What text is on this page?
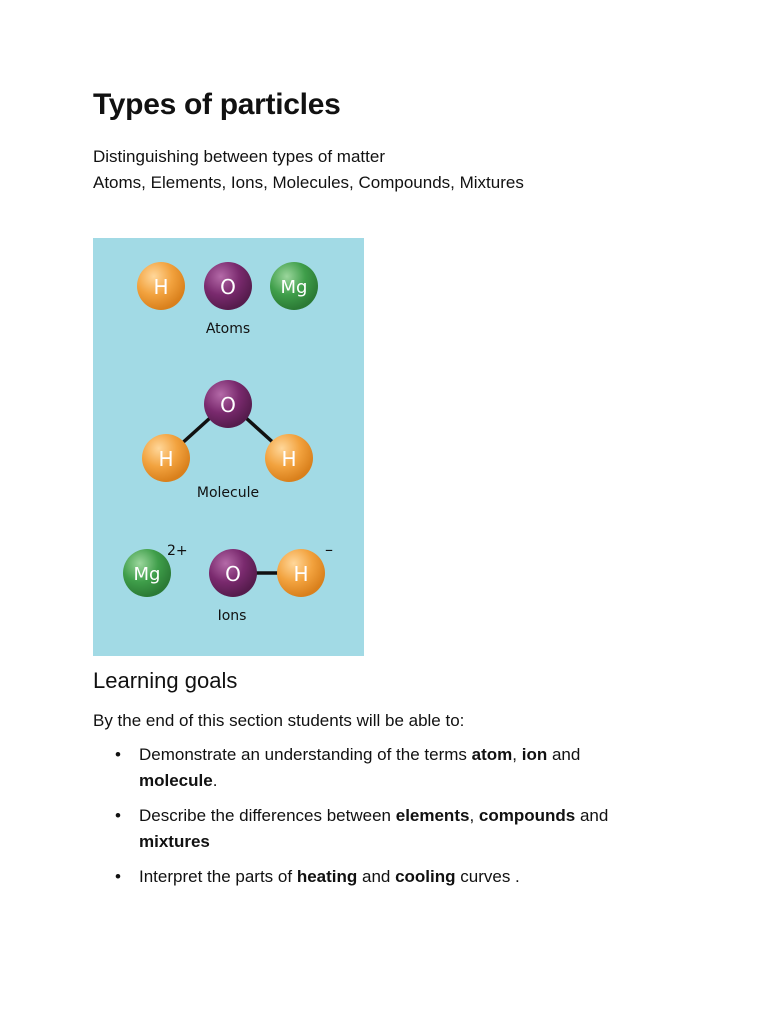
Types of particles

Distinguishing between types of matter
Atoms, Elements, Ions, Molecules, Compounds, Mixtures

H	O Mg
Atoms
O
H	H
Molecule
Mg
2+
O	H
–
Ions
Learning goals

By the end of this section students will be able to:

• Demonstrate an understanding of the terms atom, ion and
molecule.
• Describe the differences between elements, compounds and
mixtures
• Interpret the parts of heating and cooling curves .
